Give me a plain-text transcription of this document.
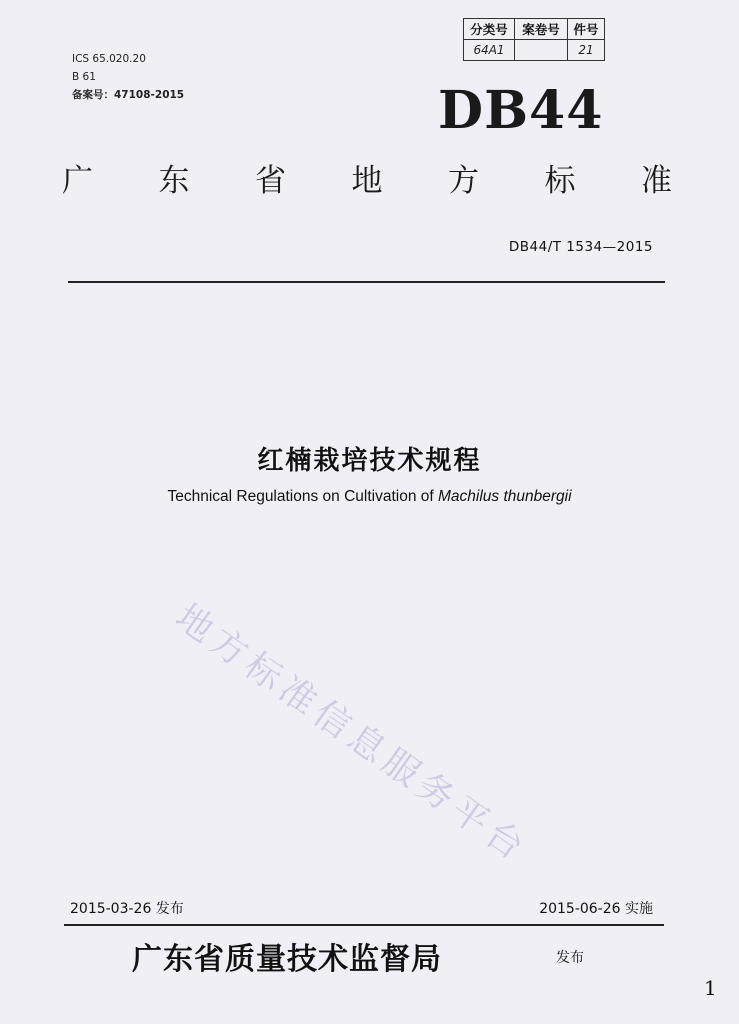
ICS 65.020.20
B 61
备案号：47108-2015
分类号	案卷号	件号
64A1		21
DB44
广 东 省 地 方 标 准
DB44/T 1534—2015
红楠栽培技术规程
Technical Regulations on Cultivation of Machilus thunbergii
地方标准信息服务平台
2015-03-26 发布	2015-06-26 实施
广东省质量技术监督局	发布
1
